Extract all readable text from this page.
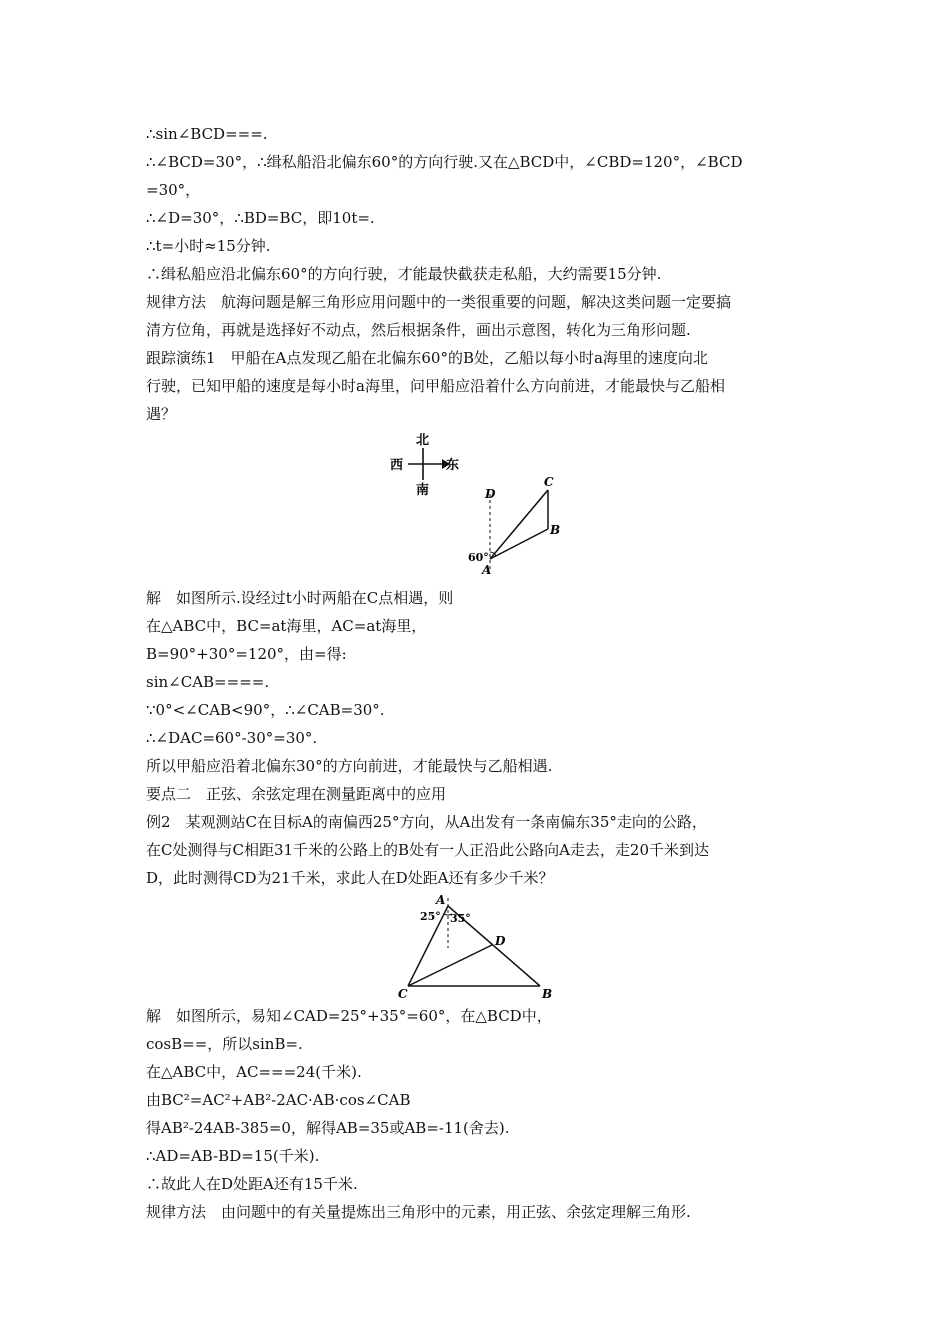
∴sin∠BCD===.
∴∠BCD=30°，∴缉私船沿北偏东60°的方向行驶.又在△BCD中，∠CBD=120°，∠BCD
=30°，
∴∠D=30°，∴BD=BC，即10t=.
∴t=小时≈15分钟.
∴缉私船应沿北偏东60°的方向行驶，才能最快截获走私船，大约需要15分钟.
规律方法　航海问题是解三角形应用问题中的一类很重要的问题，解决这类问题一定要搞
清方位角，再就是选择好不动点，然后根据条件，画出示意图，转化为三角形问题.
跟踪演练1　甲船在A点发现乙船在北偏东60°的B处，乙船以每小时a海里的速度向北
行驶，已知甲船的速度是每小时a海里，问甲船应沿着什么方向前进，才能最快与乙船相
遇？
北
西	东
南
C
B
D
A
60°
解　如图所示.设经过t小时两船在C点相遇，则
在△ABC中，BC=at海里，AC=at海里，
B=90°+30°=120°，由=得:
sin∠CAB====.
∵0°<∠CAB<90°，∴∠CAB=30°.
∴∠DAC=60°-30°=30°.
所以甲船应沿着北偏东30°的方向前进，才能最快与乙船相遇.
要点二　正弦、余弦定理在测量距离中的应用
例2　某观测站C在目标A的南偏西25°方向，从A出发有一条南偏东35°走向的公路，
在C处测得与C相距31千米的公路上的B处有一人正沿此公路向A走去，走20千米到达
D，此时测得CD为21千米，求此人在D处距A还有多少千米？
A
25° 35°
D
C	B
解　如图所示，易知∠CAD=25°+35°=60°，在△BCD中，
cosB==，所以sinB=.
在△ABC中，AC===24(千米).
由BC²=AC²+AB²-2AC·AB·cos∠CAB
得AB²-24AB-385=0，解得AB=35或AB=-11(舍去).
∴AD=AB-BD=15(千米).
∴故此人在D处距A还有15千米.
规律方法　由问题中的有关量提炼出三角形中的元素，用正弦、余弦定理解三角形.
